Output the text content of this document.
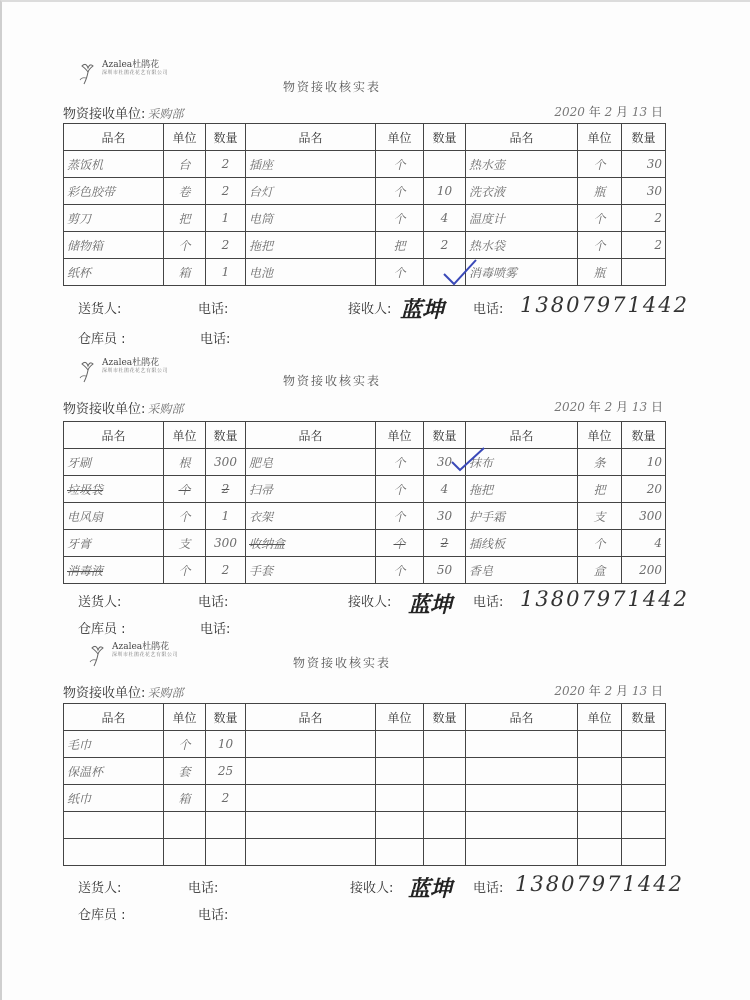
Azalea杜鹃花
深圳市杜鹃花花艺有限公司
物资接收核实表
物资接收单位: 采购部	2020 年 2 月 13 日
品名	单位	数量	品名	单位	数量	品名	单位	数量
蒸饭机	台	2	插座	个		热水壶	个	30
彩色胶带	卷	2	台灯	个	10	洗衣液	瓶	30
剪刀	把	1	电筒	个	4	温度计	个	2
储物箱	个	2	拖把	把	2	热水袋	个	2
纸杯	箱	1	电池	个		消毒喷雾	瓶	
送货人:	电话:	接收人:	电话:
蓝坤	13807971442
仓库员 :	电话:
Azalea杜鹃花
深圳市杜鹃花花艺有限公司
物资接收核实表
物资接收单位: 采购部	2020 年 2 月 13 日
品名	单位	数量	品名	单位	数量	品名	单位	数量
牙刷	根	300	肥皂	个	30	抹布	条	10
垃圾袋	个	2	扫帚	个	4	拖把	把	20
电风扇	个	1	衣架	个	30	护手霜	支	300
牙膏	支	300	收纳盒	个	2	插线板	个	4
消毒液	个	2	手套	个	50	香皂	盒	200
送货人:	电话:	接收人:	电话:
蓝坤	13807971442
仓库员 :	电话:
Azalea杜鹃花
深圳市杜鹃花花艺有限公司
物资接收核实表
物资接收单位: 采购部	2020 年 2 月 13 日
品名	单位	数量	品名	单位	数量	品名	单位	数量
毛巾	个	10						
保温杯	套	25						
纸巾	箱	2						

送货人:	电话:	接收人:	电话:
蓝坤	13807971442
仓库员 :	电话:
